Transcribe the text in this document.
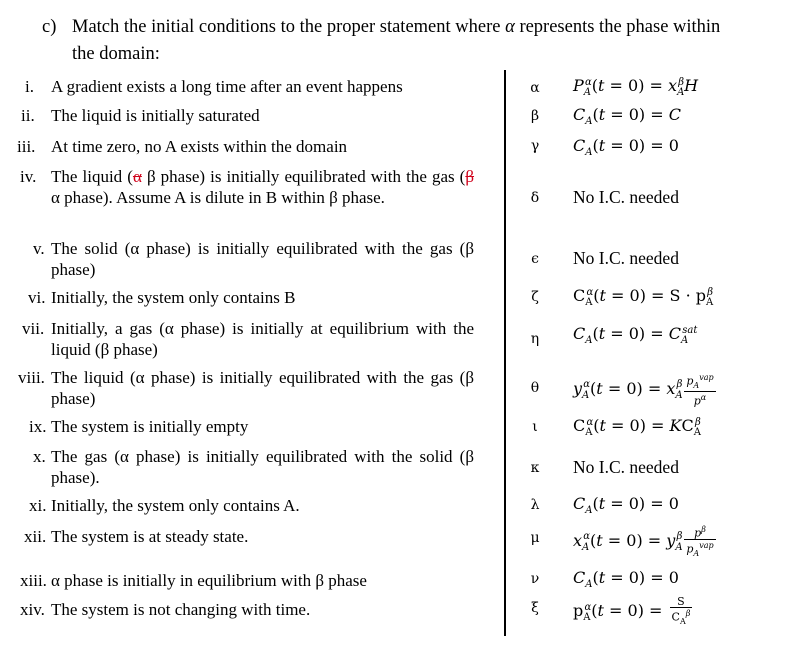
c) Match the initial conditions to the proper statement where α represents the phase within
the domain:
i. A gradient exists a long time after an event happens
ii. The liquid is initially saturated
iii. At time zero, no A exists within the domain
iv. The liquid (α β phase) is initially equilibrated with the gas (β α phase). Assume A is dilute in B within β phase.
v. The solid (α phase) is initially equilibrated with the gas (β phase)
vi. Initially, the system only contains B
vii. Initially, a gas (α phase) is initially at equilibrium with the liquid (β phase)
viii. The liquid (α phase) is initially equilibrated with the gas (β phase)
ix. The system is initially empty
x. The gas (α phase) is initially equilibrated with the solid (β phase).
xi. Initially, the system only contains A.
xii. The system is at steady state.
xiii. α phase is initially in equilibrium with β phase
xiv. The system is not changing with time.
α
β
γ
δ
ϵ
ζ
η
θ
ι
κ
λ
μ
ν
ξ
$P_A^\alpha(t = 0) = x_A^\beta H$
$C_A(t = 0) = C$
$C_A(t = 0) = 0$
No I.C. needed
No I.C. needed
$C_A^\alpha(t = 0) = S \cdot p_A^\beta$
$C_A(t = 0) = C_A^{sat}$
$y_A^\alpha(t = 0) = x_A^\beta \frac{p_A^{vap}}{p^\alpha}$
$C_A^\alpha(t = 0) = KC_A^\beta$
No I.C. needed
$C_A(t = 0) = 0$
$x_A^\alpha(t = 0) = y_A^\beta \frac{p^\beta}{p_A^{vap}}$
$C_A(t = 0) = 0$
$p_A^\alpha(t = 0) = \frac{S}{C_A^\beta}$
